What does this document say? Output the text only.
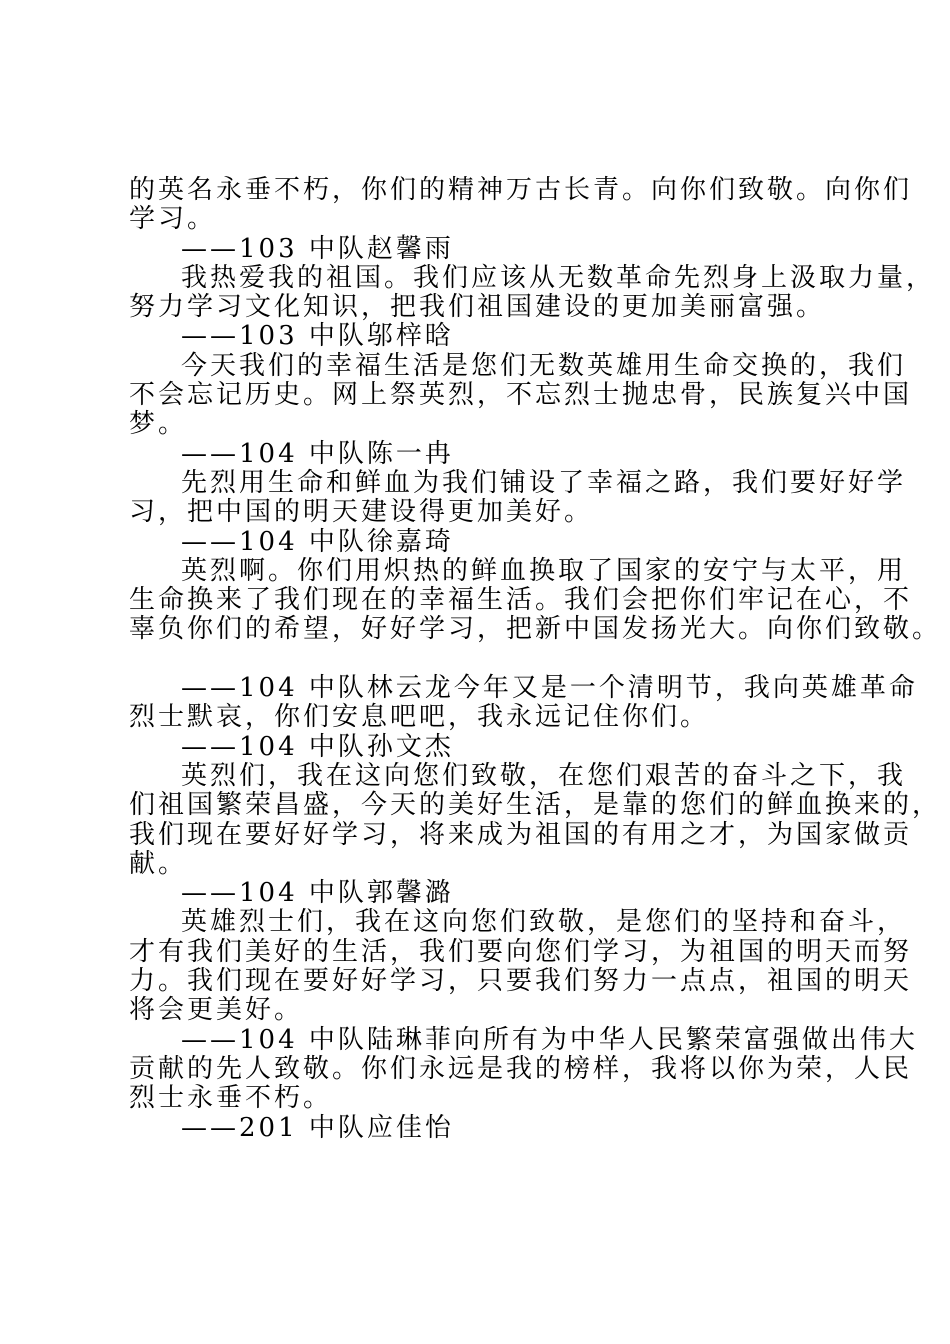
的英名永垂不朽，你们的精神万古长青。向你们致敬。向你们
学习。
——103 中队赵馨雨
我热爱我的祖国。我们应该从无数革命先烈身上汲取力量，
努力学习文化知识，把我们祖国建设的更加美丽富强。
——103 中队邬梓晗
今天我们的幸福生活是您们无数英雄用生命交换的，我们
不会忘记历史。网上祭英烈，不忘烈士抛忠骨，民族复兴中国
梦。
——104 中队陈一冉
先烈用生命和鲜血为我们铺设了幸福之路，我们要好好学
习，把中国的明天建设得更加美好。
——104 中队徐嘉琦
英烈啊。你们用炽热的鲜血换取了国家的安宁与太平，用
生命换来了我们现在的幸福生活。我们会把你们牢记在心，不
辜负你们的希望，好好学习，把新中国发扬光大。向你们致敬。
——104 中队林云龙今年又是一个清明节，我向英雄革命
烈士默哀，你们安息吧吧，我永远记住你们。
——104 中队孙文杰
英烈们，我在这向您们致敬，在您们艰苦的奋斗之下，我
们祖国繁荣昌盛，今天的美好生活，是靠的您们的鲜血换来的，
我们现在要好好学习，将来成为祖国的有用之才，为国家做贡
献。
——104 中队郭馨潞
英雄烈士们，我在这向您们致敬，是您们的坚持和奋斗，
才有我们美好的生活，我们要向您们学习，为祖国的明天而努
力。我们现在要好好学习，只要我们努力一点点，祖国的明天
将会更美好。
——104 中队陆琳菲向所有为中华人民繁荣富强做出伟大
贡献的先人致敬。你们永远是我的榜样，我将以你为荣，人民
烈士永垂不朽。
——201 中队应佳怡
